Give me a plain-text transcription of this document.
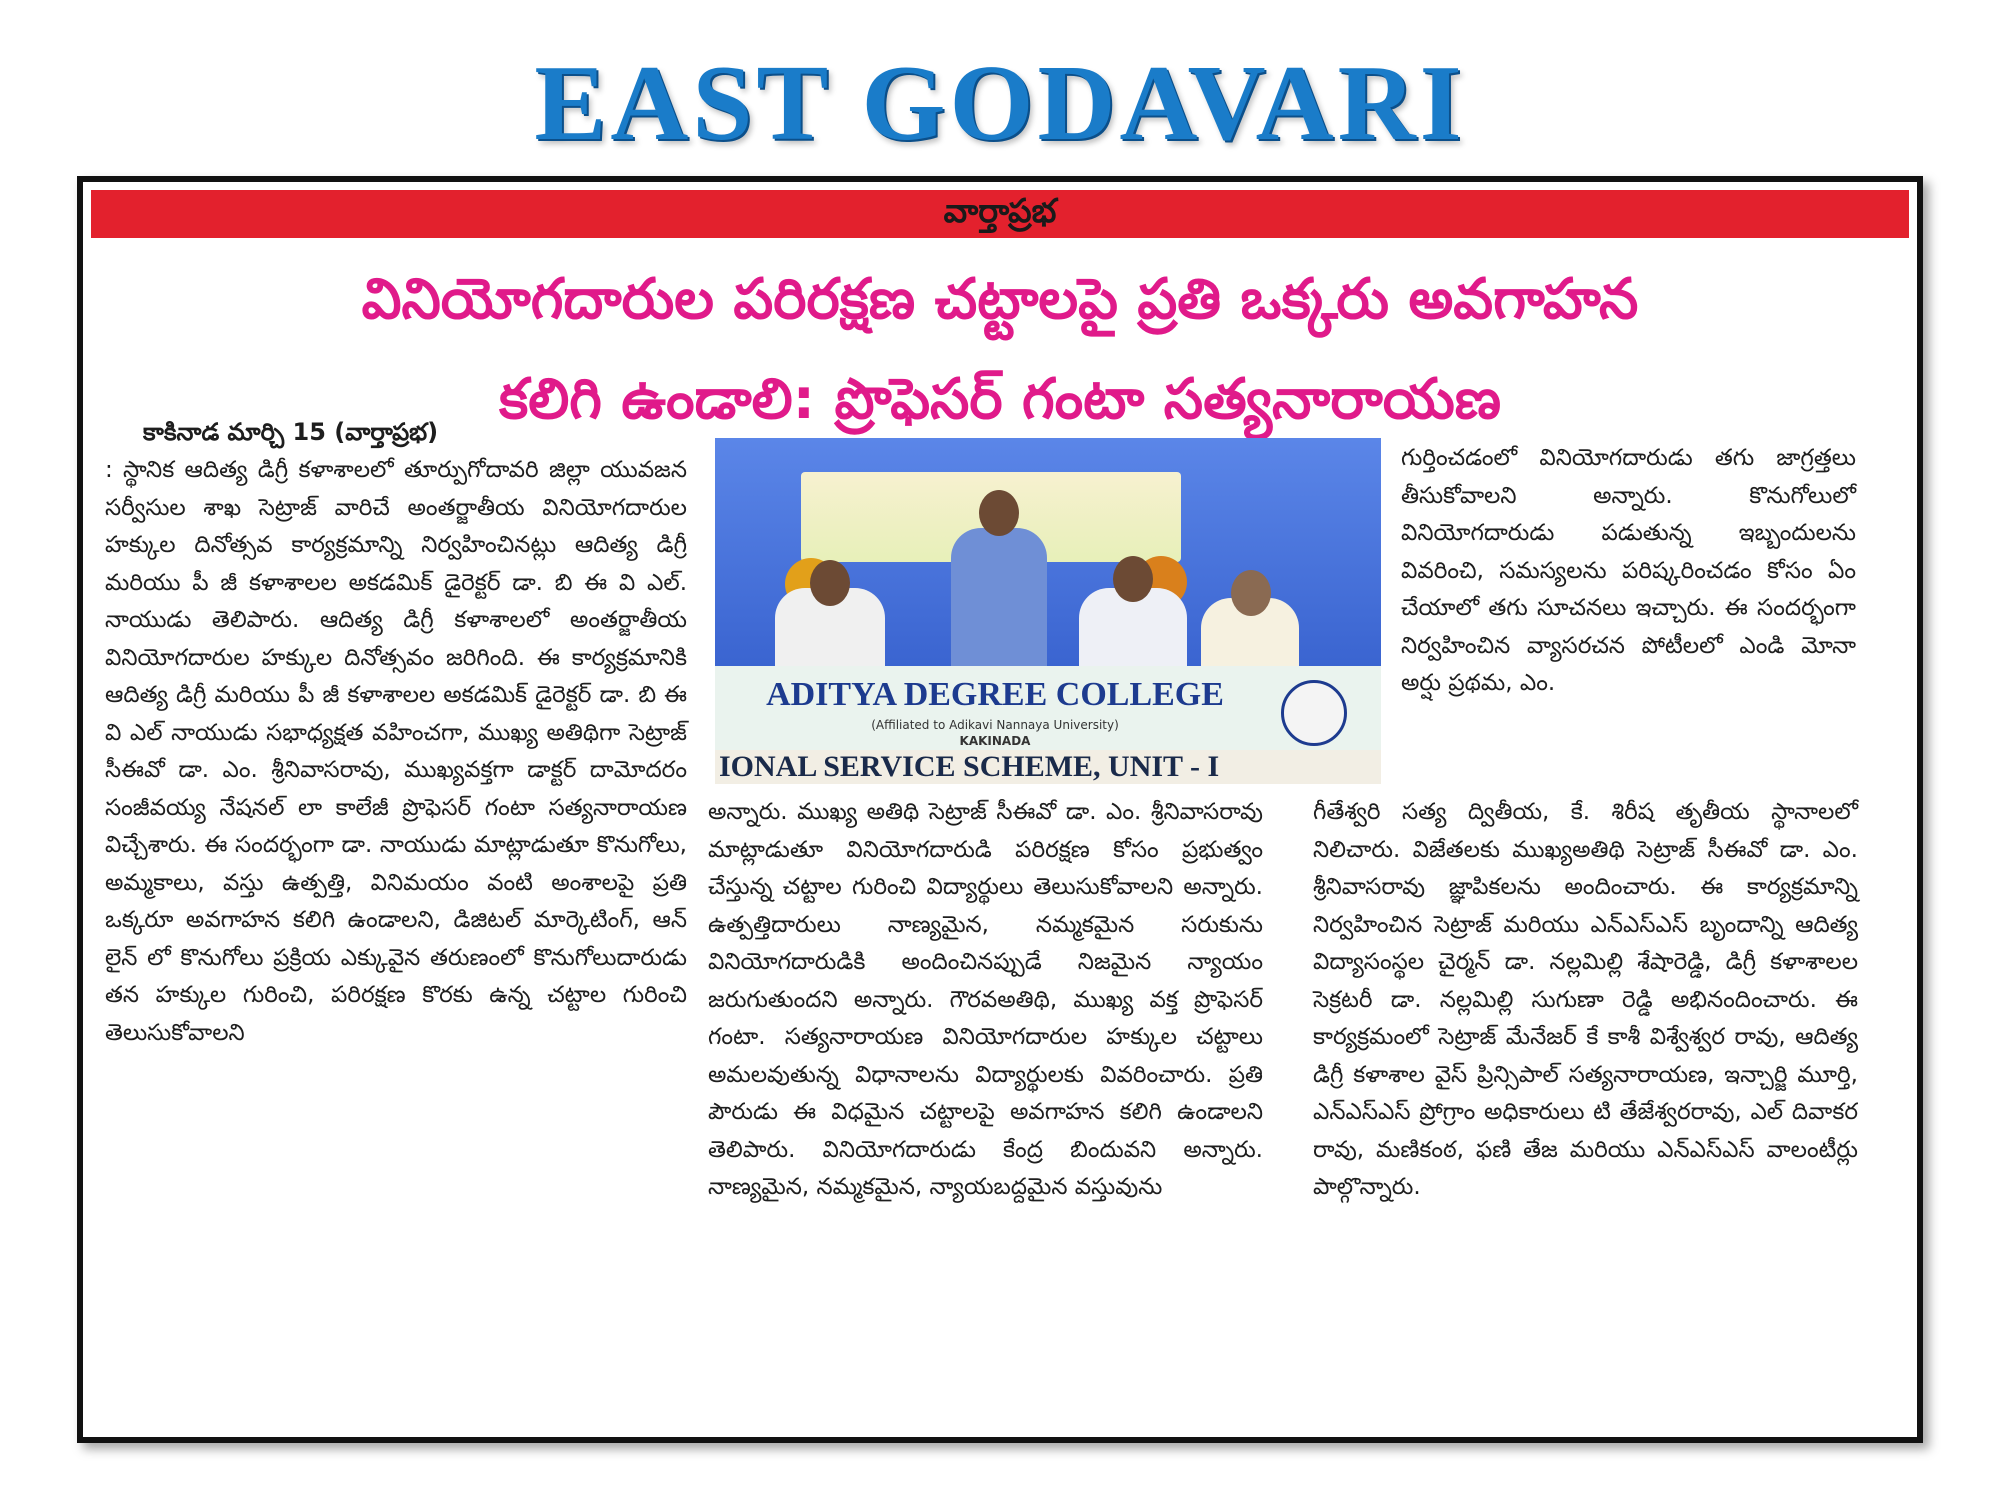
EAST GODAVARI
వార్తాప్రభ
వినియోగదారుల పరిరక్షణ చట్టాలపై ప్రతి ఒక్కరు అవగాహన
కలిగి ఉండాలి: ప్రొఫెసర్ గంటా సత్యనారాయణ
కాకినాడ మార్చి 15 (వార్తాప్రభ)

: స్థానిక ఆదిత్య డిగ్రీ కళాశాలలో తూర్పుగోదావరి జిల్లా యువజన సర్వీసుల శాఖ సెట్రాజ్ వారిచే అంతర్జాతీయ వినియోగదారుల హక్కుల దినోత్సవ కార్యక్రమాన్ని నిర్వహించినట్లు ఆదిత్య డిగ్రీ మరియు పీ జీ కళాశాలల అకడమిక్ డైరెక్టర్ డా. బి ఈ వి ఎల్. నాయుడు తెలిపారు. ఆదిత్య డిగ్రీ కళాశాలలో అంతర్జాతీయ వినియోగదారుల హక్కుల దినోత్సవం జరిగింది. ఈ కార్యక్రమానికి ఆదిత్య డిగ్రీ మరియు పీ జీ కళాశాలల అకడమిక్ డైరెక్టర్ డా. బి ఈ వి ఎల్ నాయుడు సభాధ్యక్షత వహించగా, ముఖ్య అతిథిగా సెట్రాజ్ సీఈవో డా. ఎం. శ్రీనివాసరావు, ముఖ్యవక్తగా డాక్టర్ దామోదరం సంజీవయ్య నేషనల్ లా కాలేజీ ప్రొఫెసర్ గంటా సత్యనారాయణ విచ్చేశారు. ఈ సందర్భంగా డా. నాయుడు మాట్లాడుతూ కొనుగోలు, అమ్మకాలు, వస్తు ఉత్పత్తి, వినిమయం వంటి అంశాలపై ప్రతి ఒక్కరూ అవగాహన కలిగి ఉండాలని, డిజిటల్ మార్కెటింగ్, ఆన్ లైన్ లో కొనుగోలు ప్రక్రియ ఎక్కువైన తరుణంలో కొనుగోలుదారుడు తన హక్కుల గురించి, పరిరక్షణ కొరకు ఉన్న చట్టాల గురించి తెలుసుకోవాలని

ADITYA DEGREE COLLEGE
(Affiliated to Adikavi Nannaya University)
KAKINADA
IONAL SERVICE SCHEME, UNIT - I

గుర్తించడంలో వినియోగదారుడు తగు జాగ్రత్తలు తీసుకోవాలని అన్నారు. కొనుగోలులో వినియోగదారుడు పడుతున్న ఇబ్బందులను వివరించి, సమస్యలను పరిష్కరించడం కోసం ఏం చేయాలో తగు సూచనలు ఇచ్చారు. ఈ సందర్భంగా నిర్వహించిన వ్యాసరచన పోటీలలో ఎండి మోనా అర్షు ప్రథమ, ఎం.

అన్నారు. ముఖ్య అతిథి సెట్రాజ్ సీఈవో డా. ఎం. శ్రీనివాసరావు మాట్లాడుతూ వినియోగదారుడి పరిరక్షణ కోసం ప్రభుత్వం చేస్తున్న చట్టాల గురించి విద్యార్థులు తెలుసుకోవాలని అన్నారు. ఉత్పత్తిదారులు నాణ్యమైన, నమ్మకమైన సరుకును వినియోగదారుడికి అందించినప్పుడే నిజమైన న్యాయం జరుగుతుందని అన్నారు. గౌరవఅతిథి, ముఖ్య వక్త ప్రొఫెసర్ గంటా. సత్యనారాయణ వినియోగదారుల హక్కుల చట్టాలు అమలవుతున్న విధానాలను విద్యార్థులకు వివరించారు. ప్రతి పౌరుడు ఈ విధమైన చట్టాలపై అవగాహన కలిగి ఉండాలని తెలిపారు. వినియోగదారుడు కేంద్ర బిందువని అన్నారు. నాణ్యమైన, నమ్మకమైన, న్యాయబద్దమైన వస్తువును

గీతేశ్వరి సత్య ద్వితీయ, కే. శిరీష తృతీయ స్థానాలలో నిలిచారు. విజేతలకు ముఖ్యఅతిథి సెట్రాజ్ సీఈవో డా. ఎం. శ్రీనివాసరావు జ్ఞాపికలను అందించారు. ఈ కార్యక్రమాన్ని నిర్వహించిన సెట్రాజ్ మరియు ఎన్ఎస్ఎస్ బృందాన్ని ఆదిత్య విద్యాసంస్థల చైర్మన్ డా. నల్లమిల్లి శేషారెడ్డి, డిగ్రీ కళాశాలల సెక్రటరీ డా. నల్లమిల్లి సుగుణా రెడ్డి అభినందించారు. ఈ కార్యక్రమంలో సెట్రాజ్ మేనేజర్ కే కాశీ విశ్వేశ్వర రావు, ఆదిత్య డిగ్రీ కళాశాల వైస్ ప్రిన్సిపాల్ సత్యనారాయణ, ఇన్చార్జి మూర్తి, ఎన్ఎస్ఎస్ ప్రోగ్రాం అధికారులు టి తేజేశ్వరరావు, ఎల్ దివాకర రావు, మణికంఠ, ఫణి తేజ మరియు ఎన్ఎస్ఎస్ వాలంటీర్లు పాల్గొన్నారు.
